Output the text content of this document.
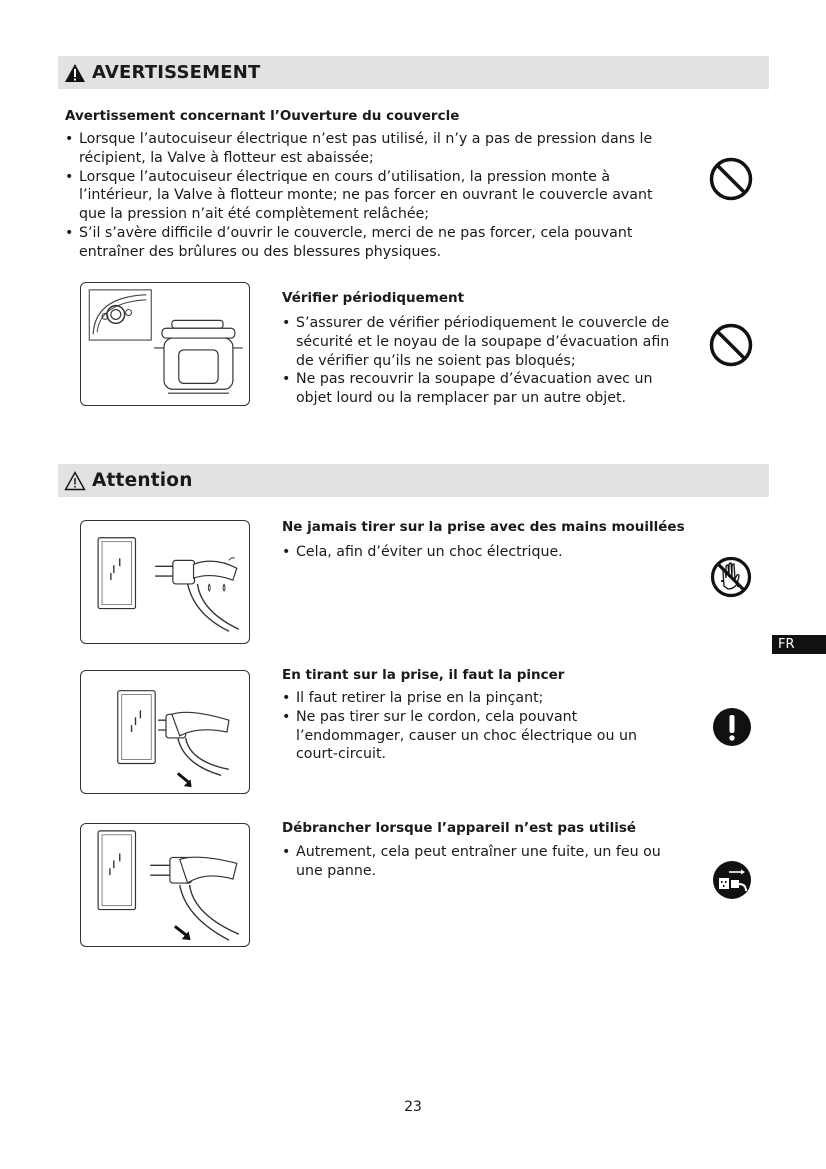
AVERTISSEMENT
Avertissement concernant l’Ouverture du couvercle
• Lorsque l’autocuiseur électrique n’est pas utilisé, il n’y a pas de pression dans le récipient, la Valve à flotteur est abaissée;
• Lorsque l’autocuiseur électrique en cours d’utilisation, la pression monte à l’intérieur, la Valve à flotteur monte; ne pas forcer en ouvrant le couvercle avant que la pression n’ait été complètement relâchée;
• S’il s’avère difficile d’ouvrir le couvercle, merci de ne pas forcer, cela pouvant entraîner des brûlures ou des blessures physiques.
Vérifier périodiquement
• S’assurer de vérifier périodiquement le couvercle de sécurité et le noyau de la soupape d’évacuation afin de vérifier qu’ils ne soient pas bloqués;
• Ne pas recouvrir la soupape d’évacuation avec un objet lourd ou la remplacer par un autre objet.
Attention
Ne jamais tirer sur la prise avec des mains mouillées
• Cela, afin d’éviter un choc électrique.
FR
En tirant sur la prise, il faut la pincer
• Il faut retirer la prise en la pinçant;
• Ne pas tirer sur le cordon, cela pouvant l’endommager, causer un choc électrique ou un court-circuit.
Débrancher lorsque l’appareil n’est pas utilisé
• Autrement, cela peut entraîner une fuite, un feu ou une panne.
23
